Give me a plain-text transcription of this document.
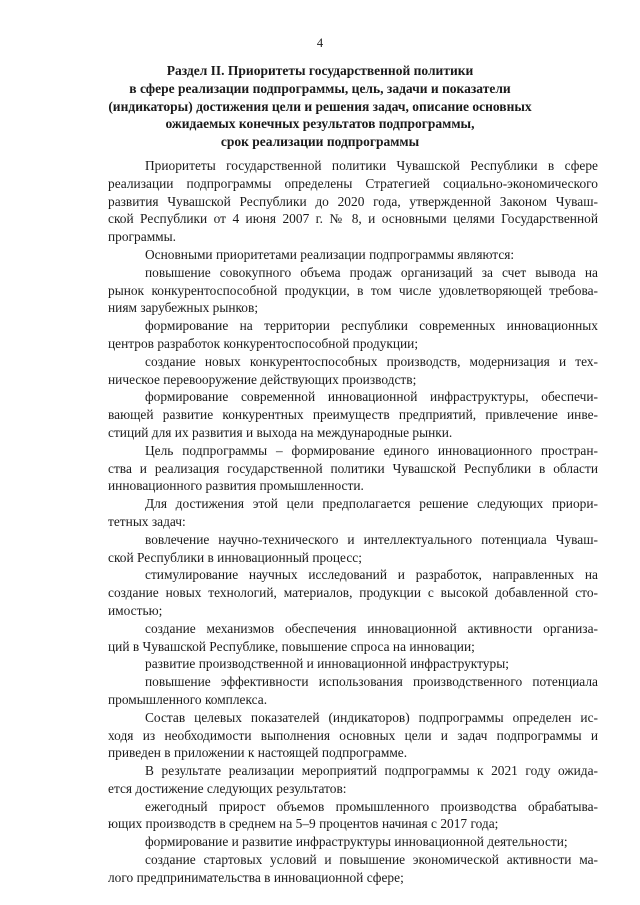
4
Раздел II. Приоритеты государственной политики
в сфере реализации подпрограммы, цель, задачи и показатели
(индикаторы) достижения цели и решения задач, описание основных
ожидаемых конечных результатов подпрограммы,
срок реализации подпрограммы
Приоритеты государственной политики Чувашской Республики в сфере
реализации подпрограммы определены Стратегией социально-экономического
развития Чувашской Республики до 2020 года, утвержденной Законом Чуваш-
ской Республики от 4 июня 2007 г. № 8, и основными целями Государственной
программы.
Основными приоритетами реализации подпрограммы являются:
повышение совокупного объема продаж организаций за счет вывода на
рынок конкурентоспособной продукции, в том числе удовлетворяющей требова-
ниям зарубежных рынков;
формирование на территории республики современных инновационных
центров разработок конкурентоспособной продукции;
создание новых конкурентоспособных производств, модернизация и тех-
ническое перевооружение действующих производств;
формирование современной инновационной инфраструктуры, обеспечи-
вающей развитие конкурентных преимуществ предприятий, привлечение инве-
стиций для их развития и выхода на международные рынки.
Цель подпрограммы – формирование единого инновационного простран-
ства и реализация государственной политики Чувашской Республики в области
инновационного развития промышленности.
Для достижения этой цели предполагается решение следующих приори-
тетных задач:
вовлечение научно-технического и интеллектуального потенциала Чуваш-
ской Республики в инновационный процесс;
стимулирование научных исследований и разработок, направленных на
создание новых технологий, материалов, продукции с высокой добавленной сто-
имостью;
создание механизмов обеспечения инновационной активности организа-
ций в Чувашской Республике, повышение спроса на инновации;
развитие производственной и инновационной инфраструктуры;
повышение эффективности использования производственного потенциала
промышленного комплекса.
Состав целевых показателей (индикаторов) подпрограммы определен ис-
ходя из необходимости выполнения основных цели и задач подпрограммы и
приведен в приложении к настоящей подпрограмме.
В результате реализации мероприятий подпрограммы к 2021 году ожида-
ется достижение следующих результатов:
ежегодный прирост объемов промышленного производства обрабатыва-
ющих производств в среднем на 5–9 процентов начиная с 2017 года;
формирование и развитие инфраструктуры инновационной деятельности;
создание стартовых условий и повышение экономической активности ма-
лого предпринимательства в инновационной сфере;
